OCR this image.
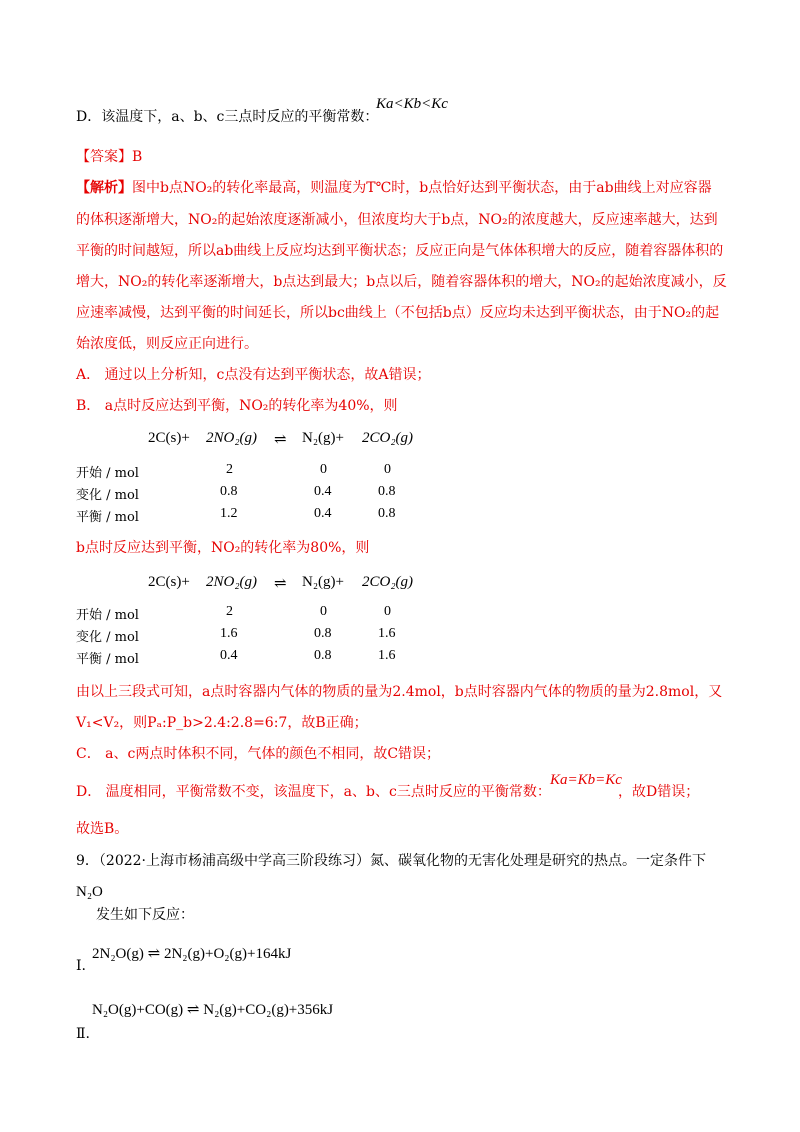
D．该温度下，a、b、c三点时反应的平衡常数：
Ka<Kb<Kc
【答案】B
【解析】图中b点NO₂的转化率最高，则温度为T℃时，b点恰好达到平衡状态，由于ab曲线上对应容器
的体积逐渐增大，NO₂的起始浓度逐渐减小，但浓度均大于b点，NO₂的浓度越大，反应速率越大，达到
平衡的时间越短，所以ab曲线上反应均达到平衡状态；反应正向是气体体积增大的反应，随着容器体积的
增大，NO₂的转化率逐渐增大，b点达到最大；b点以后，随着容器体积的增大，NO₂的起始浓度减小，反
应速率减慢，达到平衡的时间延长，所以bc曲线上（不包括b点）反应均未达到平衡状态，由于NO₂的起
始浓度低，则反应正向进行。
A． 通过以上分析知，c点没有达到平衡状态，故A错误；
B． a点时反应达到平衡，NO₂的转化率为40%，则
2C(s)+ 2NO₂(g) ⇌ N₂(g)+ 2CO₂(g)
开始 / mol	2	0	0
变化 / mol	0.8	0.4	0.8
平衡 / mol	1.2	0.4	0.8
b点时反应达到平衡，NO₂的转化率为80%，则
2C(s)+ 2NO₂(g) ⇌ N₂(g)+ 2CO₂(g)
开始 / mol	2	0	0
变化 / mol	1.6	0.8	1.6
平衡 / mol	0.4	0.8	1.6
由以上三段式可知，a点时容器内气体的物质的量为2.4mol，b点时容器内气体的物质的量为2.8mol，又
V₁<V₂，则Pₐ:P_b>2.4:2.8=6:7，故B正确；
C． a、c两点时体积不同，气体的颜色不相同，故C错误；
D． 温度相同，平衡常数不变，该温度下，a、b、c三点时反应的平衡常数：
Ka=Kb=Kc
，故D错误；
故选B。
9．（2022·上海市杨浦高级中学高三阶段练习）氮、碳氧化物的无害化处理是研究的热点。一定条件下
N₂O
发生如下反应：
Ⅰ.
2N₂O(g) ⇌ 2N₂(g)+O₂(g)+164kJ
Ⅱ.
N₂O(g)+CO(g) ⇌ N₂(g)+CO₂(g)+356kJ
